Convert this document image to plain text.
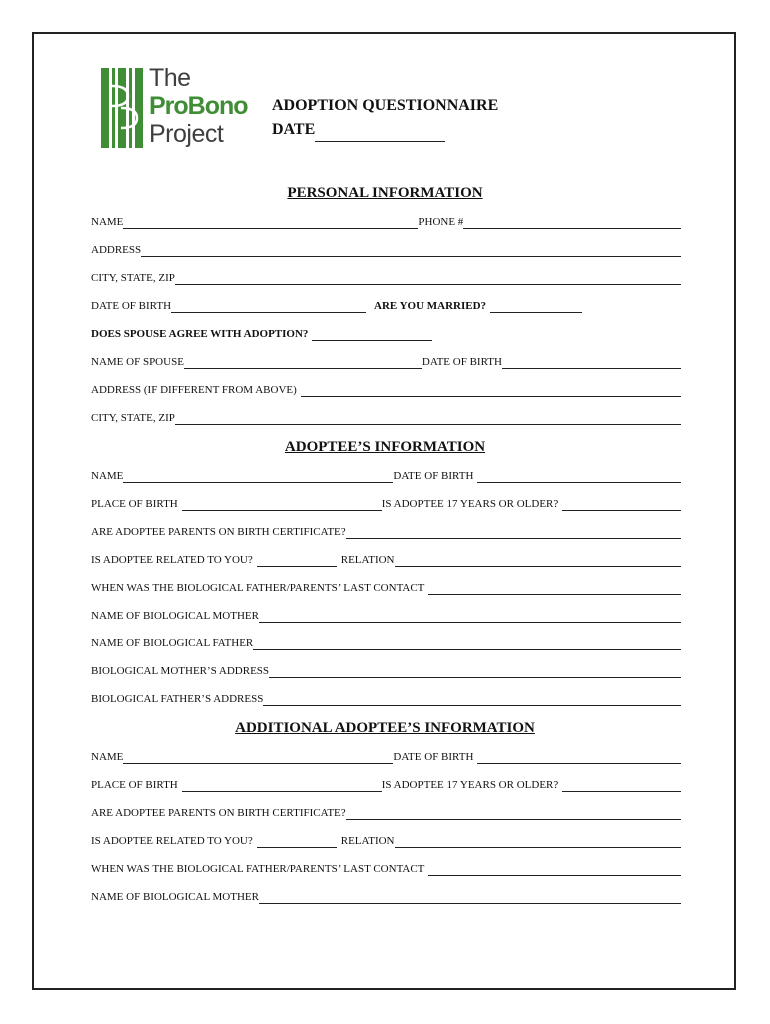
The
ProBono
Project
ADOPTION QUESTIONNAIRE
DATE
PERSONAL INFORMATION
NAME	PHONE #
ADDRESS
CITY, STATE, ZIP
DATE OF BIRTH	ARE YOU MARRIED?
DOES SPOUSE AGREE WITH ADOPTION?
NAME OF SPOUSE	DATE OF BIRTH
ADDRESS (IF DIFFERENT FROM ABOVE)
CITY, STATE, ZIP
ADOPTEE’S INFORMATION
NAME	DATE OF BIRTH
PLACE OF BIRTH	IS ADOPTEE 17 YEARS OR OLDER?
ARE ADOPTEE PARENTS ON BIRTH CERTIFICATE?
IS ADOPTEE RELATED TO YOU?	RELATION
WHEN WAS THE BIOLOGICAL FATHER/PARENTS’ LAST CONTACT
NAME OF BIOLOGICAL MOTHER
NAME OF BIOLOGICAL FATHER
BIOLOGICAL MOTHER’S ADDRESS
BIOLOGICAL FATHER’S ADDRESS
ADDITIONAL ADOPTEE’S INFORMATION
NAME	DATE OF BIRTH
PLACE OF BIRTH	IS ADOPTEE 17 YEARS OR OLDER?
ARE ADOPTEE PARENTS ON BIRTH CERTIFICATE?
IS ADOPTEE RELATED TO YOU?	RELATION
WHEN WAS THE BIOLOGICAL FATHER/PARENTS’ LAST CONTACT
NAME OF BIOLOGICAL MOTHER
